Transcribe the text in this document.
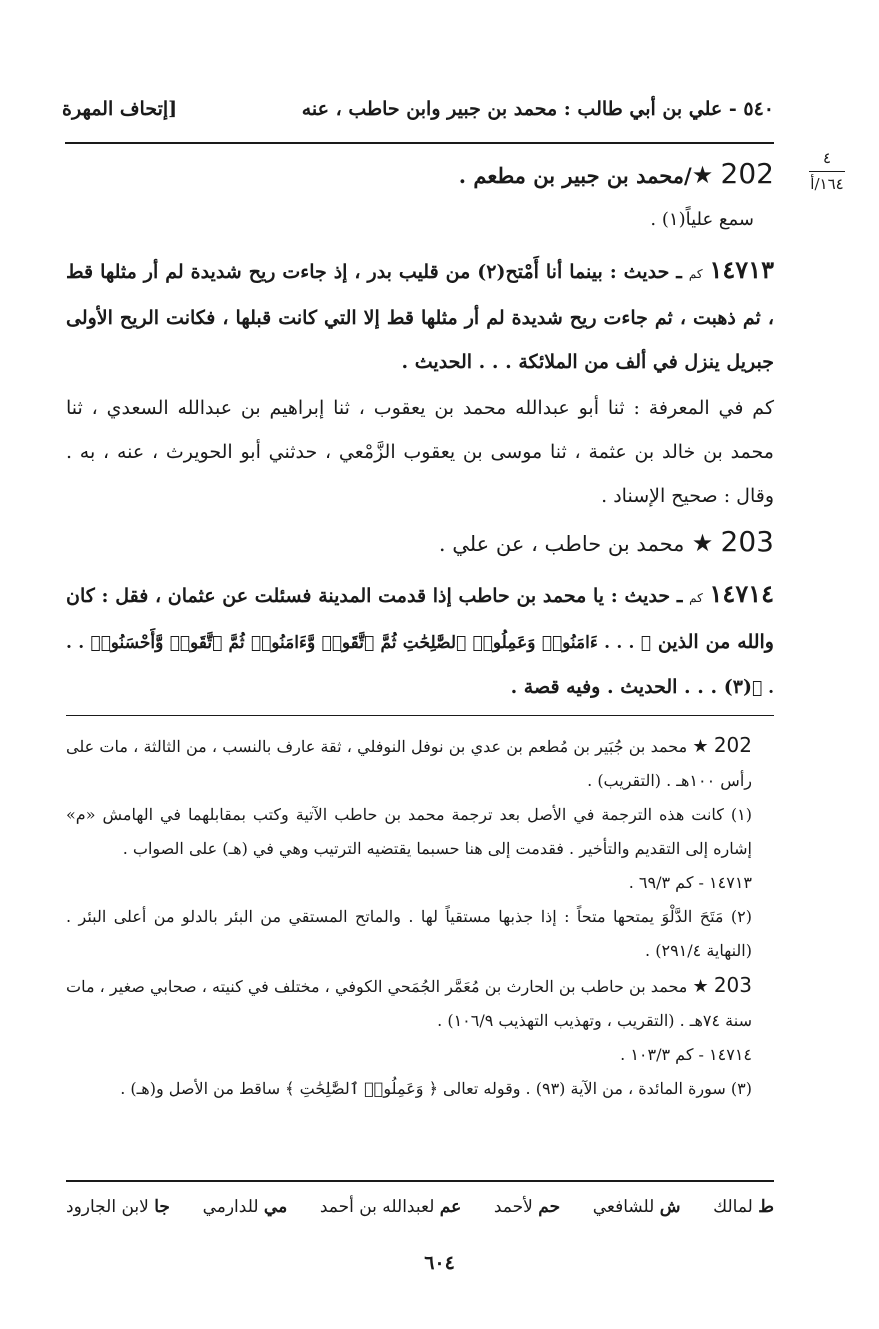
٥٤٠ - علي بن أبي طالب : محمد بن جبير وابن حاطب ، عنه
[إتحاف المهرة
٤
١٦٤/أ
202 ★/محمد بن جبير بن مطعم .
سمع علياً(١) .
١٤٧١٣ كم ـ حديث : بينما أنا أَمْتح(٢) من قليب بدر ، إذ جاءت ريح شديدة لم أر مثلها قط ، ثم ذهبت ، ثم جاءت ريح شديدة لم أر مثلها قط إلا التي كانت قبلها ، فكانت الريح الأولى جبريل ينزل في ألف من الملائكة . . . الحديث .
كم في المعرفة : ثنا أبو عبدالله محمد بن يعقوب ، ثنا إبراهيم بن عبدالله السعدي ، ثنا محمد بن خالد بن عثمة ، ثنا موسى بن يعقوب الزَّمْعي ، حدثني أبو الحويرث ، عنه ، به . وقال : صحيح الإسناد .
203 ★ محمد بن حاطب ، عن علي .
١٤٧١٤ كم ـ حديث : يا محمد بن حاطب إذا قدمت المدينة فسئلت عن عثمان ، فقل : كان والله من الذين ﴿ . . . ءَامَنُوا۟ وَعَمِلُوا۟ ٱلصَّٰلِحَٰتِ ثُمَّ ٱتَّقَوا۟ وَّءَامَنُوا۟ ثُمَّ ٱتَّقَوا۟ وَّأَحْسَنُوا۟ . . . ﴾(٣) . . . الحديث . وفيه قصة .

202 ★ محمد بن جُبَير بن مُطعم بن عدي بن نوفل النوفلي ، ثقة عارف بالنسب ، من الثالثة ، مات على رأس ١٠٠هـ . (التقريب) .

(١) كانت هذه الترجمة في الأصل بعد ترجمة محمد بن حاطب الآتية وكتب بمقابلهما في الهامش «م» إشاره إلى التقديم والتأخير . فقدمت إلى هنا حسبما يقتضيه الترتيب وهي في (هـ) على الصواب .

١٤٧١٣ - كم ٦٩/٣ .

(٢) مَتَحَ الدَّلْوَ يمتحها متحاً : إذا جذبها مستقياً لها . والماتح المستقي من البئر بالدلو من أعلى البئر . (النهاية ٢٩١/٤) .

203 ★ محمد بن حاطب بن الحارث بن مُعَمَّر الجُمَحي الكوفي ، مختلف في كنيته ، صحابي صغير ، مات سنة ٧٤هـ . (التقريب ، وتهذيب التهذيب ١٠٦/٩) .

١٤٧١٤ - كم ١٠٣/٣ .

(٣) سورة المائدة ، من الآية (٩٣) . وقوله تعالى ﴿ وَعَمِلُوا۟ ٱلصَّٰلِحَٰتِ ﴾ ساقط من الأصل و(هـ) .

ط لمالك
ش للشافعي
حم لأحمد
عم لعبدالله بن أحمد
مي للدارمي
جا لابن الجارود
٦٠٤
